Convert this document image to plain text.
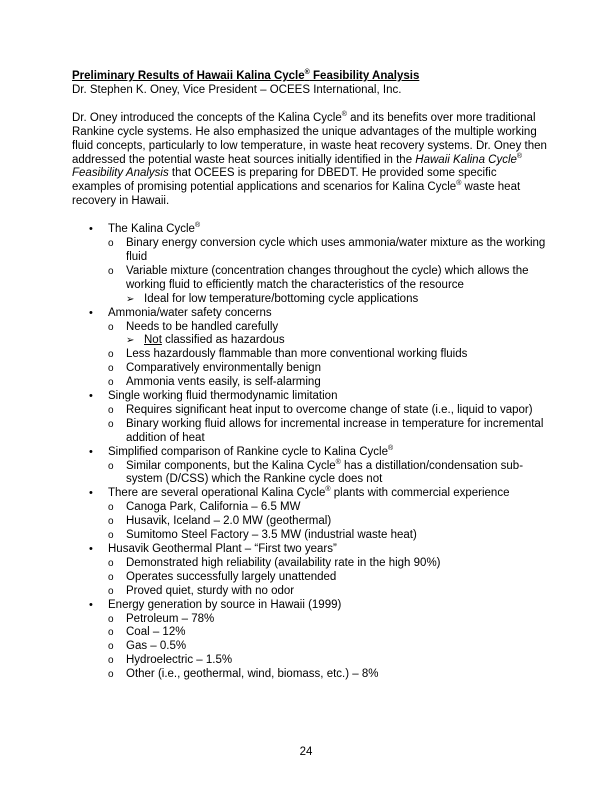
Preliminary Results of Hawaii Kalina Cycle® Feasibility Analysis
Dr. Stephen K. Oney, Vice President – OCEES International, Inc.
Dr. Oney introduced the concepts of the Kalina Cycle® and its benefits over more traditional Rankine cycle systems. He also emphasized the unique advantages of the multiple working fluid concepts, particularly to low temperature, in waste heat recovery systems. Dr. Oney then addressed the potential waste heat sources initially identified in the Hawaii Kalina Cycle® Feasibility Analysis that OCEES is preparing for DBEDT. He provided some specific examples of promising potential applications and scenarios for Kalina Cycle® waste heat recovery in Hawaii.
• The Kalina Cycle®
o Binary energy conversion cycle which uses ammonia/water mixture as the working fluid
o Variable mixture (concentration changes throughout the cycle) which allows the working fluid to efficiently match the characteristics of the resource
➢ Ideal for low temperature/bottoming cycle applications
• Ammonia/water safety concerns
o Needs to be handled carefully
➢ Not classified as hazardous
o Less hazardously flammable than more conventional working fluids
o Comparatively environmentally benign
o Ammonia vents easily, is self-alarming
• Single working fluid thermodynamic limitation
o Requires significant heat input to overcome change of state (i.e., liquid to vapor)
o Binary working fluid allows for incremental increase in temperature for incremental addition of heat
• Simplified comparison of Rankine cycle to Kalina Cycle®
o Similar components, but the Kalina Cycle® has a distillation/condensation sub-system (D/CSS) which the Rankine cycle does not
• There are several operational Kalina Cycle® plants with commercial experience
o Canoga Park, California – 6.5 MW
o Husavik, Iceland – 2.0 MW (geothermal)
o Sumitomo Steel Factory – 3.5 MW (industrial waste heat)
• Husavik Geothermal Plant – “First two years”
o Demonstrated high reliability (availability rate in the high 90%)
o Operates successfully largely unattended
o Proved quiet, sturdy with no odor
• Energy generation by source in Hawaii (1999)
o Petroleum – 78%
o Coal – 12%
o Gas – 0.5%
o Hydroelectric – 1.5%
o Other (i.e., geothermal, wind, biomass, etc.) – 8%
24
